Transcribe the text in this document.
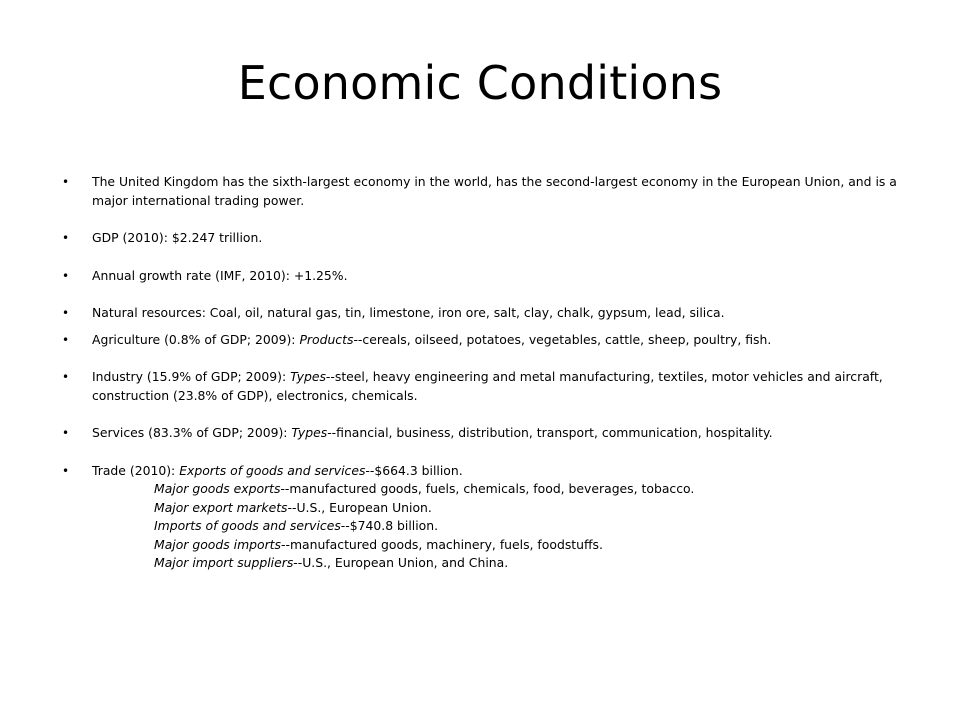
Economic Conditions
• The United Kingdom has the sixth-largest economy in the world, has the second-largest economy in the European Union, and is a major international trading power.
• GDP (2010): $2.247 trillion.
• Annual growth rate (IMF, 2010): +1.25%.
• Natural resources: Coal, oil, natural gas, tin, limestone, iron ore, salt, clay, chalk, gypsum, lead, silica.
• Agriculture (0.8% of GDP; 2009): Products--cereals, oilseed, potatoes, vegetables, cattle, sheep, poultry, fish.
• Industry (15.9% of GDP; 2009): Types--steel, heavy engineering and metal manufacturing, textiles, motor vehicles and aircraft, construction (23.8% of GDP), electronics, chemicals.
• Services (83.3% of GDP; 2009): Types--financial, business, distribution, transport, communication, hospitality.
• Trade (2010): Exports of goods and services--$664.3 billion.
Major goods exports--manufactured goods, fuels, chemicals, food, beverages, tobacco.
Major export markets--U.S., European Union.
Imports of goods and services--$740.8 billion.
Major goods imports--manufactured goods, machinery, fuels, foodstuffs.
Major import suppliers--U.S., European Union, and China.
